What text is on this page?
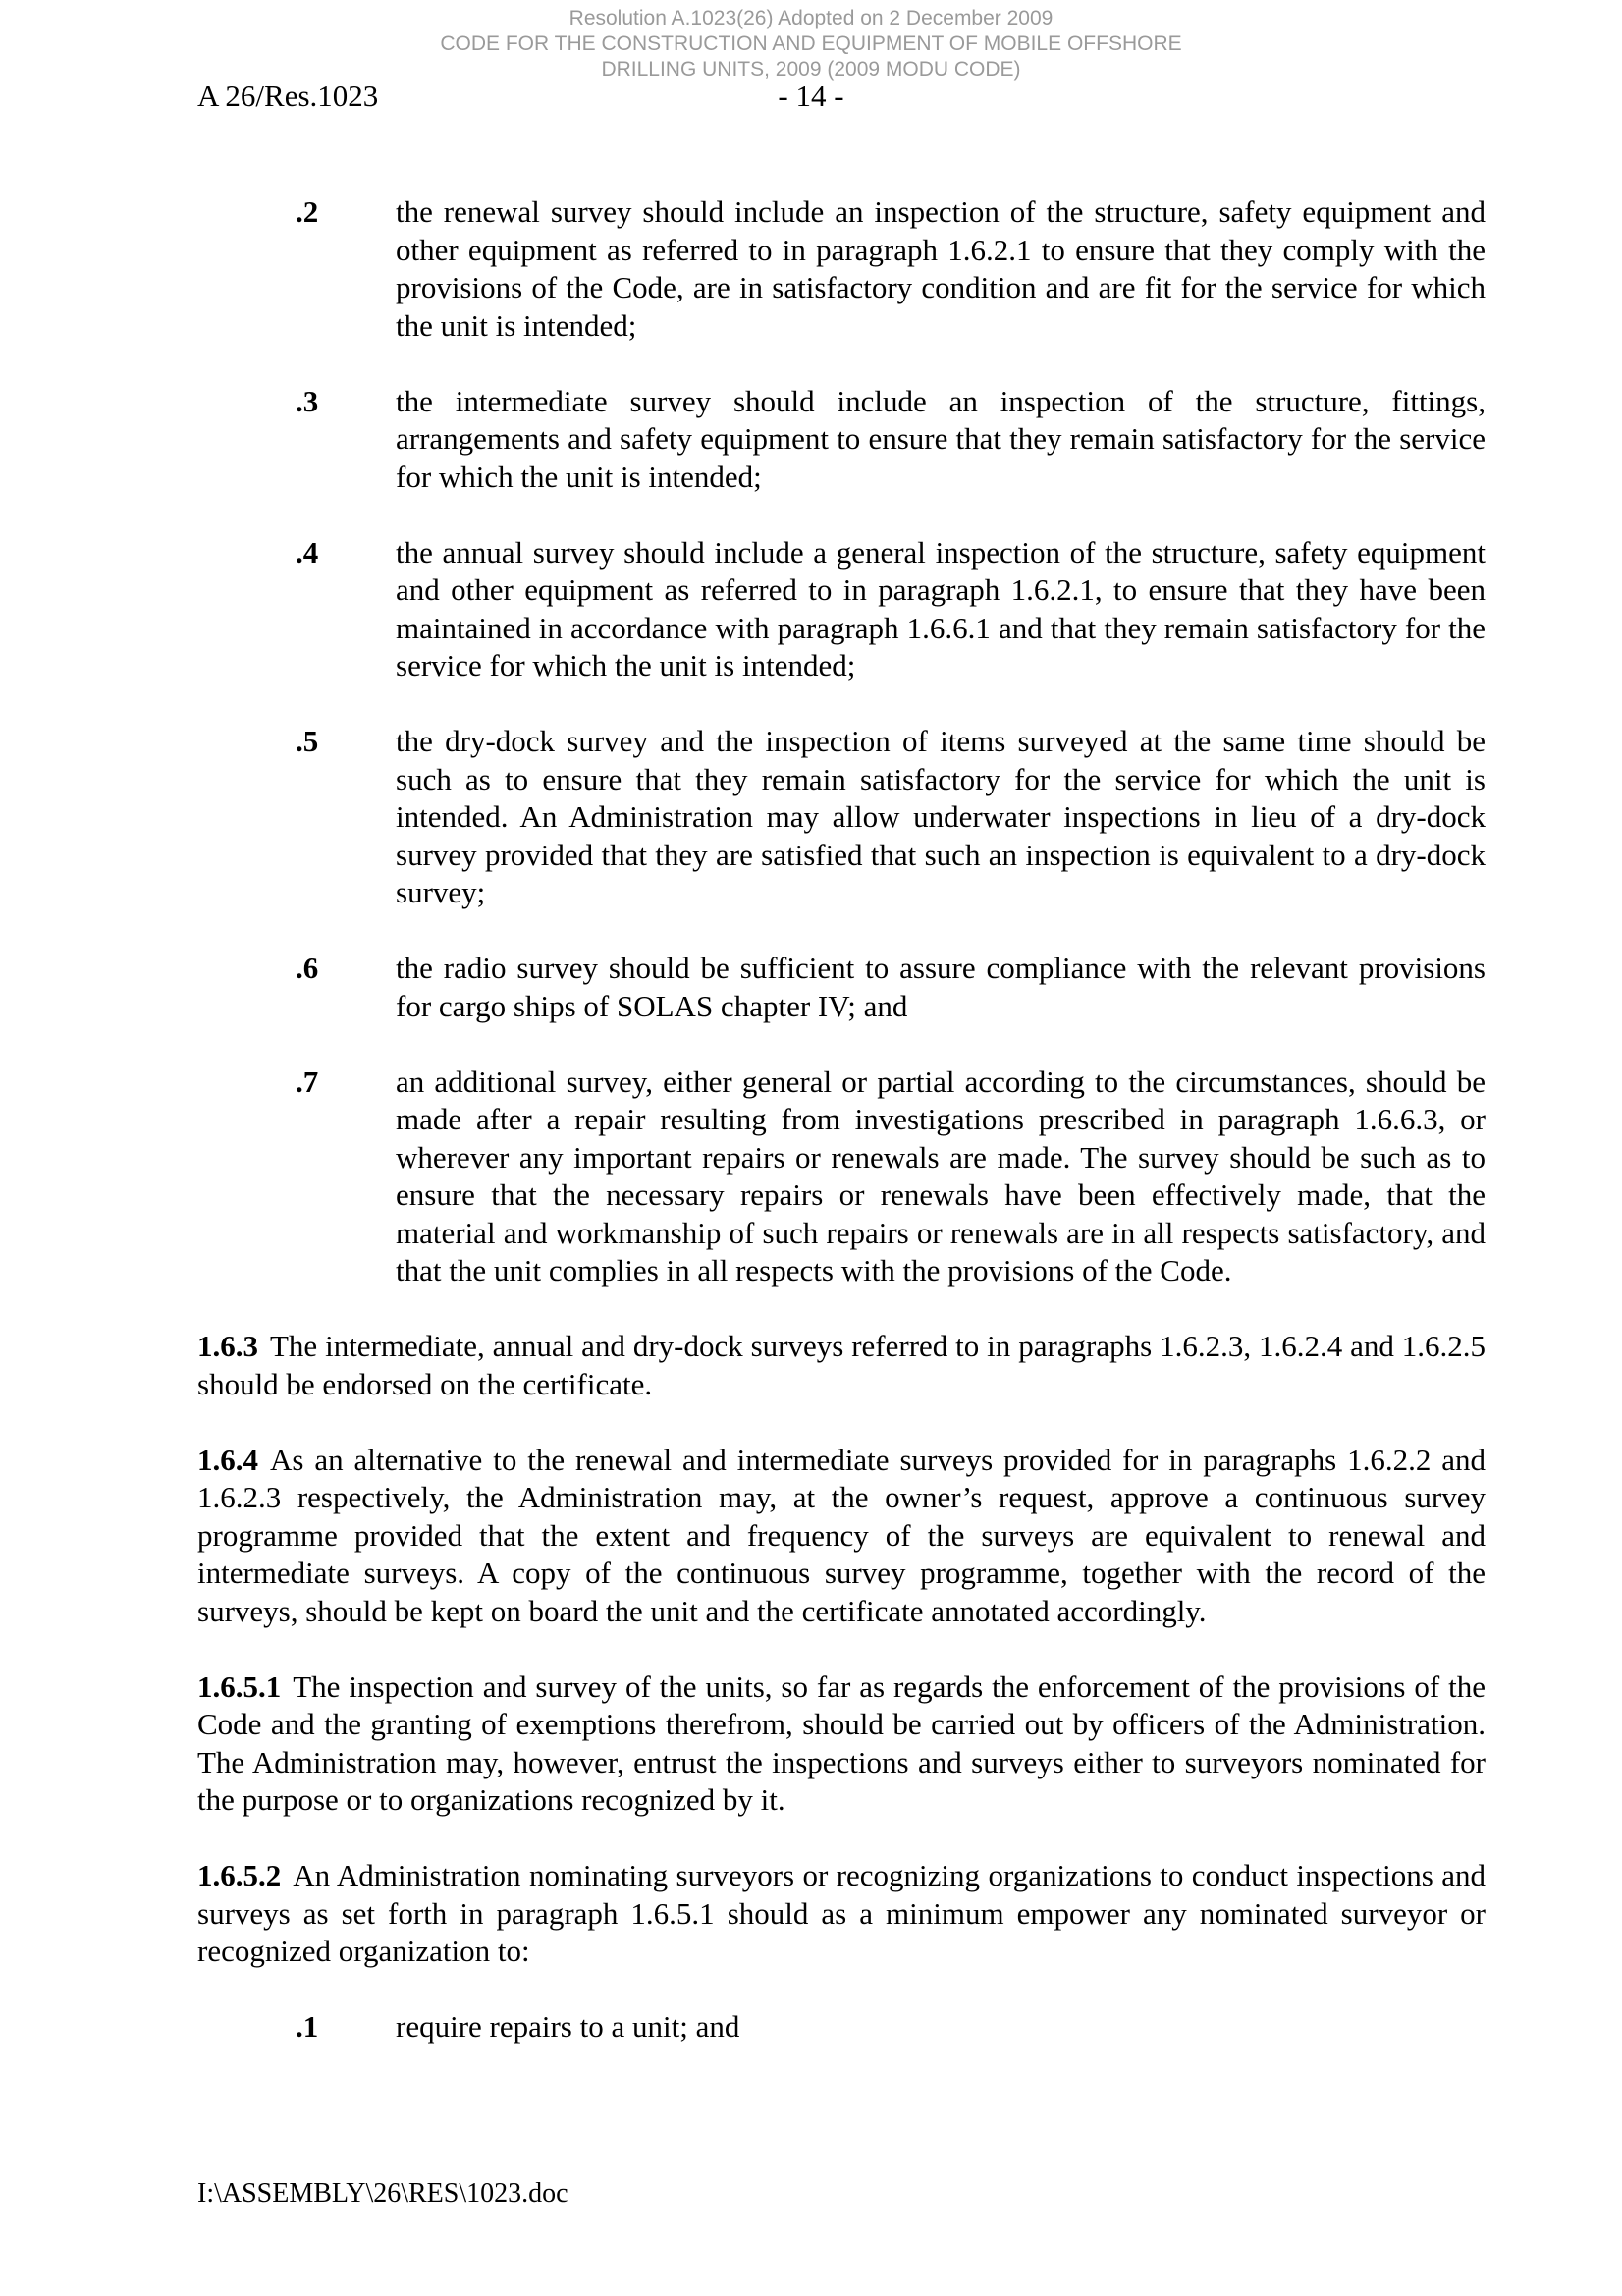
Resolution A.1023(26) Adopted on 2 December 2009
CODE FOR THE CONSTRUCTION AND EQUIPMENT OF MOBILE OFFSHORE
DRILLING UNITS, 2009 (2009 MODU CODE)
A 26/Res.1023	- 14 -
.2	the renewal survey should include an inspection of the structure, safety equipment and other equipment as referred to in paragraph 1.6.2.1 to ensure that they comply with the provisions of the Code, are in satisfactory condition and are fit for the service for which the unit is intended;
.3	the intermediate survey should include an inspection of the structure, fittings, arrangements and safety equipment to ensure that they remain satisfactory for the service for which the unit is intended;
.4	the annual survey should include a general inspection of the structure, safety equipment and other equipment as referred to in paragraph 1.6.2.1, to ensure that they have been maintained in accordance with paragraph 1.6.6.1 and that they remain satisfactory for the service for which the unit is intended;
.5	the dry-dock survey and the inspection of items surveyed at the same time should be such as to ensure that they remain satisfactory for the service for which the unit is intended. An Administration may allow underwater inspections in lieu of a dry-dock survey provided that they are satisfied that such an inspection is equivalent to a dry-dock survey;
.6	the radio survey should be sufficient to assure compliance with the relevant provisions for cargo ships of SOLAS chapter IV; and
.7	an additional survey, either general or partial according to the circumstances, should be made after a repair resulting from investigations prescribed in paragraph 1.6.6.3, or wherever any important repairs or renewals are made. The survey should be such as to ensure that the necessary repairs or renewals have been effectively made, that the material and workmanship of such repairs or renewals are in all respects satisfactory, and that the unit complies in all respects with the provisions of the Code.
1.6.3 The intermediate, annual and dry-dock surveys referred to in paragraphs 1.6.2.3, 1.6.2.4 and 1.6.2.5 should be endorsed on the certificate.
1.6.4 As an alternative to the renewal and intermediate surveys provided for in paragraphs 1.6.2.2 and 1.6.2.3 respectively, the Administration may, at the owner’s request, approve a continuous survey programme provided that the extent and frequency of the surveys are equivalent to renewal and intermediate surveys. A copy of the continuous survey programme, together with the record of the surveys, should be kept on board the unit and the certificate annotated accordingly.
1.6.5.1 The inspection and survey of the units, so far as regards the enforcement of the provisions of the Code and the granting of exemptions therefrom, should be carried out by officers of the Administration. The Administration may, however, entrust the inspections and surveys either to surveyors nominated for the purpose or to organizations recognized by it.
1.6.5.2 An Administration nominating surveyors or recognizing organizations to conduct inspections and surveys as set forth in paragraph 1.6.5.1 should as a minimum empower any nominated surveyor or recognized organization to:
.1	require repairs to a unit; and
I:\ASSEMBLY\26\RES\1023.doc
